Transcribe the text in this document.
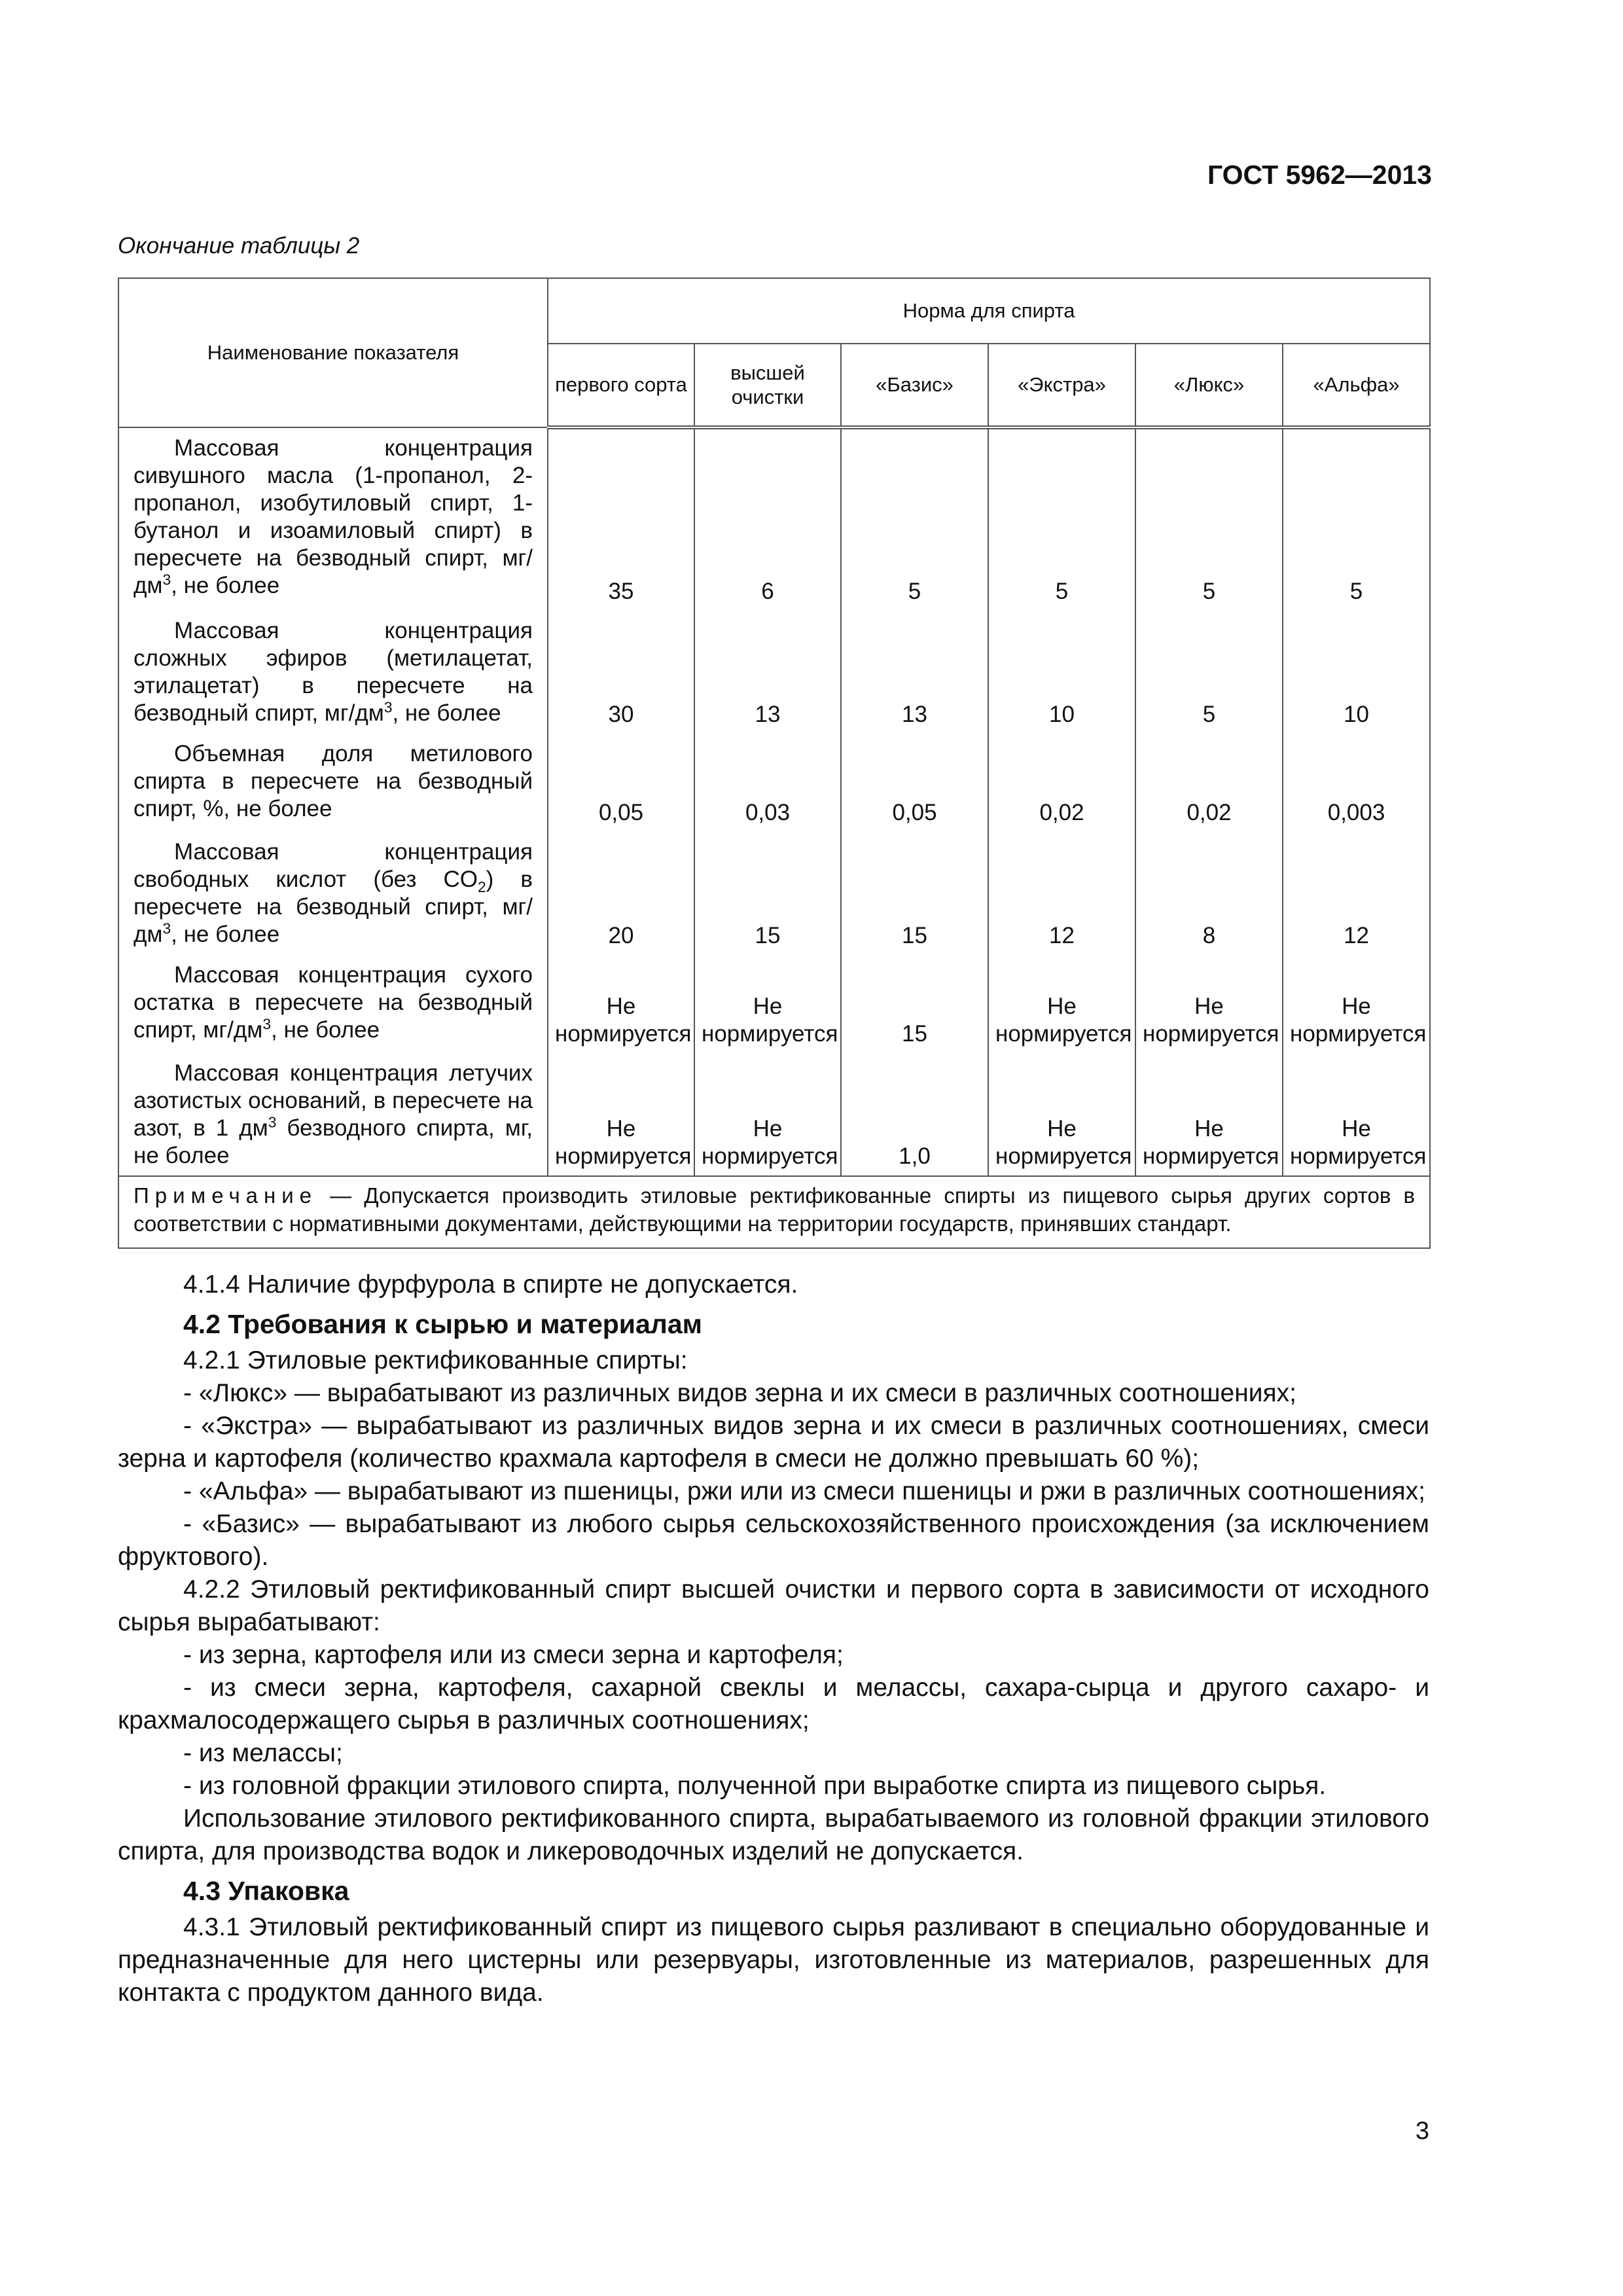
ГОСТ 5962—2013
Окончание таблицы 2
Наименование показателя	Норма для спирта					
	первого сорта	высшей очистки	«Базис»	«Экстра»	«Люкс»	«Альфа»
Массовая концентрация сивушного масла (1-пропанол, 2-пропанол, изобутиловый спирт, 1-бутанол и изоамиловый спирт) в пересчете на безводный спирт, $мг/дм^3$, не более	35	6	5	5	5	5
Массовая концентрация сложных эфиров (метилацетат, этилацетат) в пересчете на безводный спирт, $мг/дм^3$, не более	30	13	13	10	5	10
Объемная доля метилового спирта в пересчете на безводный спирт, %, не более	0,05	0,03	0,05	0,02	0,02	0,003
Массовая концентрация свободных кислот (без $CO_2$) в пересчете на безводный спирт, $мг/дм^3$, не более	20	15	15	12	8	12
Массовая концентрация сухого остатка в пересчете на безводный спирт, $мг/дм^3$, не более	Не нормируется	Не нормируется	15	Не нормируется	Не нормируется	Не нормируется
Массовая концентрация летучих азотистых оснований, в пересчете на азот, в 1 $дм^3$ безводного спирта, мг, не более	Не нормируется	Не нормируется	1,0	Не нормируется	Не нормируется	Не нормируется
Примечание — Допускается производить этиловые ректификованные спирты из пищевого сырья других сортов в соответствии с нормативными документами, действующими на территории государств, принявших стандарт.						

4.1.4 Наличие фурфурола в спирте не допускается.

4.2 Требования к сырью и материалам

4.2.1 Этиловые ректификованные спирты:

- «Люкс» — вырабатывают из различных видов зерна и их смеси в различных соотношениях;

- «Экстра» — вырабатывают из различных видов зерна и их смеси в различных соотношениях, смеси зерна и картофеля (количество крахмала картофеля в смеси не должно превышать 60 %);

- «Альфа» — вырабатывают из пшеницы, ржи или из смеси пшеницы и ржи в различных соотношениях;

- «Базис» — вырабатывают из любого сырья сельскохозяйственного происхождения (за исключением фруктового).

4.2.2 Этиловый ректификованный спирт высшей очистки и первого сорта в зависимости от исходного сырья вырабатывают:

- из зерна, картофеля или из смеси зерна и картофеля;

- из смеси зерна, картофеля, сахарной свеклы и мелассы, сахара-сырца и другого сахаро- и крахмалосодержащего сырья в различных соотношениях;

- из мелассы;

- из головной фракции этилового спирта, полученной при выработке спирта из пищевого сырья.

Использование этилового ректификованного спирта, вырабатываемого из головной фракции этилового спирта, для производства водок и ликероводочных изделий не допускается.

4.3 Упаковка

4.3.1 Этиловый ректификованный спирт из пищевого сырья разливают в специально оборудованные и предназначенные для него цистерны или резервуары, изготовленные из материалов, разрешенных для контакта с продуктом данного вида.

3
